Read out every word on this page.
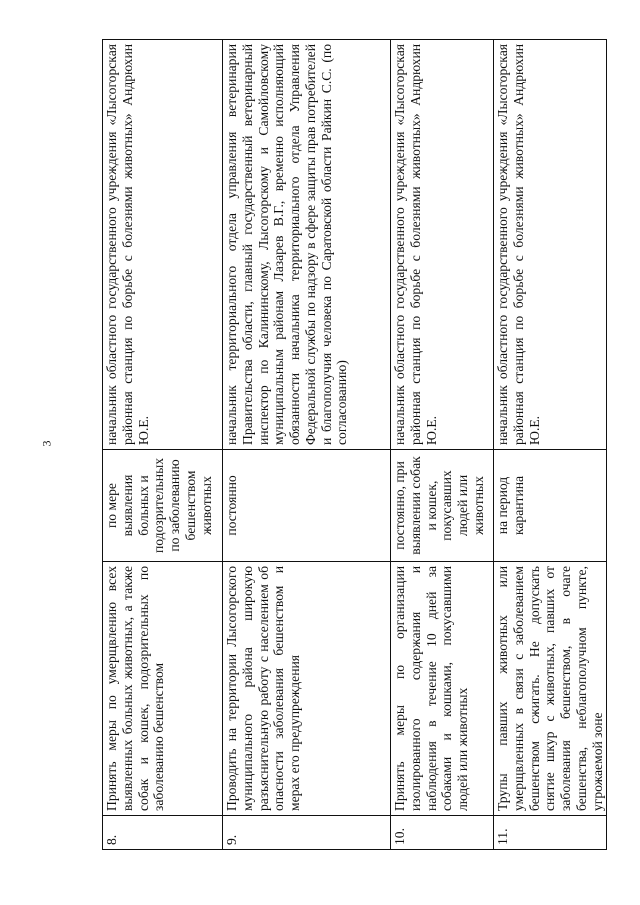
3
8.	Принять меры по умерщвлению всех выявленных больных животных, а также собак и кошек, подозрительных по заболеванию бешенством	по мере выявления больных и подозрительных по заболеванию бешенством животных	начальник областного государственного учреждения «Лысогорская районная станция по борьбе с болезнями животных» Андрюхин Ю.Е.
9.	Проводить на территории Лысогорского муниципального района широкую разъяснительную работу с населением об опасности заболевания бешенством и мерах его предупреждения	постоянно	начальник территориального отдела управления ветеринарии Правительства области, главный государственный ветеринарный инспектор по Калининскому, Лысогорскому и Самойловскому муниципальным районам Лазарев В.Г., временно исполняющий обязанности начальника территориального отдела Управления Федеральной службы по надзору в сфере защиты прав потребителей и благополучия человека по Саратовской области Райкин С.С. (по согласованию)
10.	Принять меры по организации изолированного содержания и наблюдения в течение 10 дней за собаками и кошками, покусавшими людей или животных	постоянно, при выявлении собак и кошек, покусавших людей или животных	начальник областного государственного учреждения «Лысогорская районная станция по борьбе с болезнями животных» Андрюхин Ю.Е.
11.	Трупы павших животных или умерщвленных в связи с заболеванием бешенством сжигать. Не допускать снятие шкур с животных, павших от заболевания бешенством, в очаге бешенства, неблагополучном пункте, угрожаемой зоне	на период карантина	начальник областного государственного учреждения «Лысогорская районная станция по борьбе с болезнями животных» Андрюхин Ю.Е.
